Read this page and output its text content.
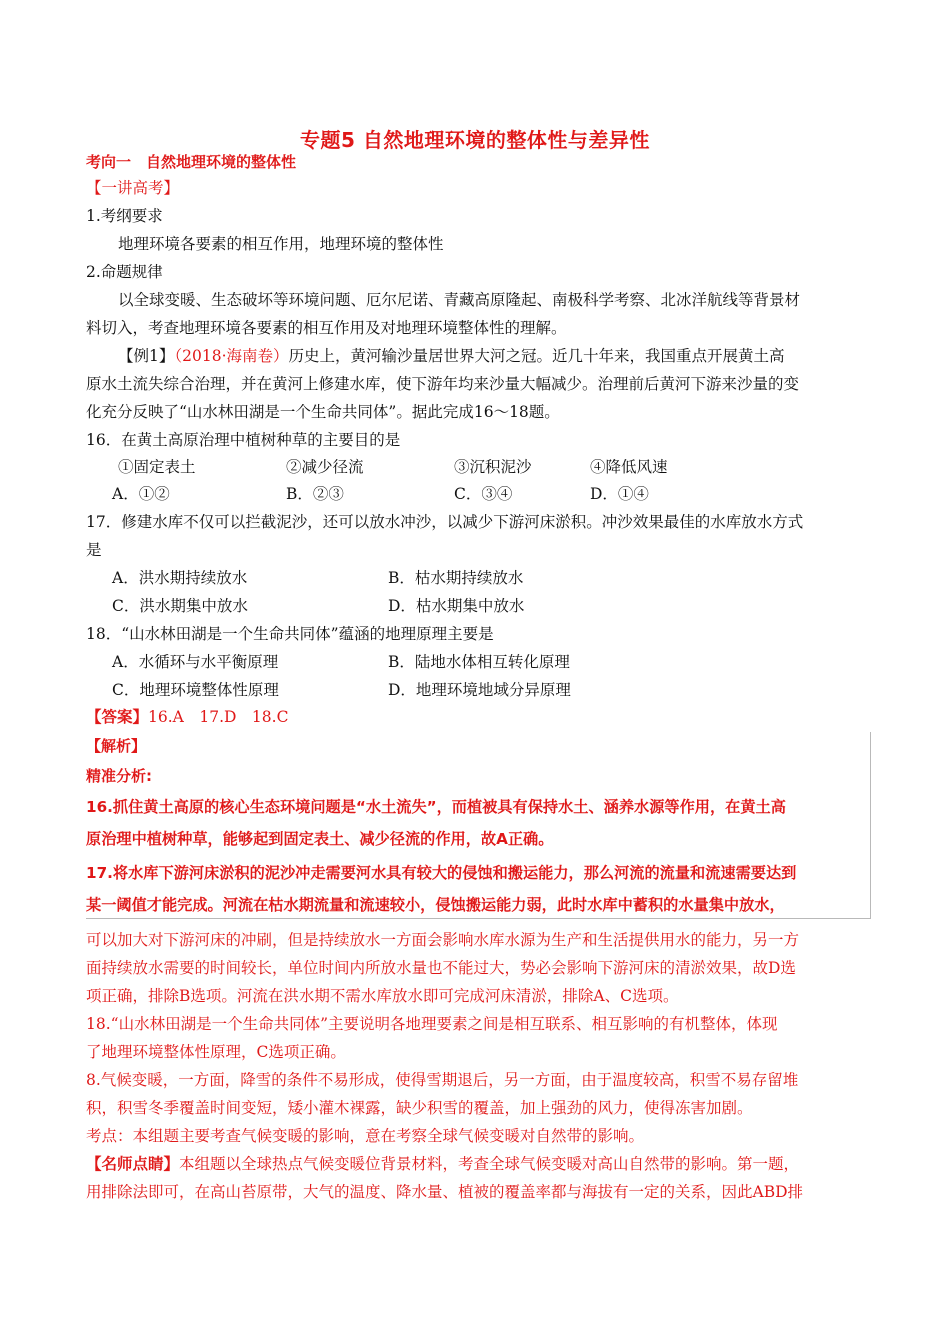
专题5 自然地理环境的整体性与差异性
考向一　自然地理环境的整体性
【一讲高考】
1.考纲要求
地理环境各要素的相互作用，地理环境的整体性
2.命题规律
以全球变暖、生态破坏等环境问题、厄尔尼诺、青藏高原隆起、南极科学考察、北冰洋航线等背景材
料切入，考查地理环境各要素的相互作用及对地理环境整体性的理解。
【例1】（2018·海南卷）历史上，黄河输沙量居世界大河之冠。近几十年来，我国重点开展黄土高
原水土流失综合治理，并在黄河上修建水库，使下游年均来沙量大幅减少。治理前后黄河下游来沙量的变
化充分反映了“山水林田湖是一个生命共同体”。据此完成16～18题。
16．在黄土高原治理中植树种草的主要目的是
①固定表土	②减少径流	③沉积泥沙	④降低风速
A．①②	B．②③	C．③④	D．①④
17．修建水库不仅可以拦截泥沙，还可以放水冲沙，以减少下游河床淤积。冲沙效果最佳的水库放水方式
是
A．洪水期持续放水	B．枯水期持续放水
C．洪水期集中放水	D．枯水期集中放水
18．“山水林田湖是一个生命共同体”蕴涵的地理原理主要是
A．水循环与水平衡原理	B．陆地水体相互转化原理
C．地理环境整体性原理	D．地理环境地域分异原理
【答案】16.A　17.D　18.C
【解析】
精准分析:
16.抓住黄土高原的核心生态环境问题是“水土流失”，而植被具有保持水土、涵养水源等作用，在黄土高
原治理中植树种草，能够起到固定表土、减少径流的作用，故A正确。
17.将水库下游河床淤积的泥沙冲走需要河水具有较大的侵蚀和搬运能力，那么河流的流量和流速需要达到
某一阈值才能完成。河流在枯水期流量和流速较小，侵蚀搬运能力弱，此时水库中蓄积的水量集中放水，
可以加大对下游河床的冲刷，但是持续放水一方面会影响水库水源为生产和生活提供用水的能力，另一方
面持续放水需要的时间较长，单位时间内所放水量也不能过大，势必会影响下游河床的清淤效果，故D选
项正确，排除B选项。河流在洪水期不需水库放水即可完成河床清淤，排除A、C选项。
18.“山水林田湖是一个生命共同体”主要说明各地理要素之间是相互联系、相互影响的有机整体，体现
了地理环境整体性原理，C选项正确。
8.气候变暖，一方面，降雪的条件不易形成，使得雪期退后，另一方面，由于温度较高，积雪不易存留堆
积，积雪冬季覆盖时间变短，矮小灌木裸露，缺少积雪的覆盖，加上强劲的风力，使得冻害加剧。
考点：本组题主要考查气候变暖的影响，意在考察全球气候变暖对自然带的影响。
【名师点睛】本组题以全球热点气候变暖位背景材料，考查全球气候变暖对高山自然带的影响。第一题，
用排除法即可，在高山苔原带，大气的温度、降水量、植被的覆盖率都与海拔有一定的关系，因此ABD排
